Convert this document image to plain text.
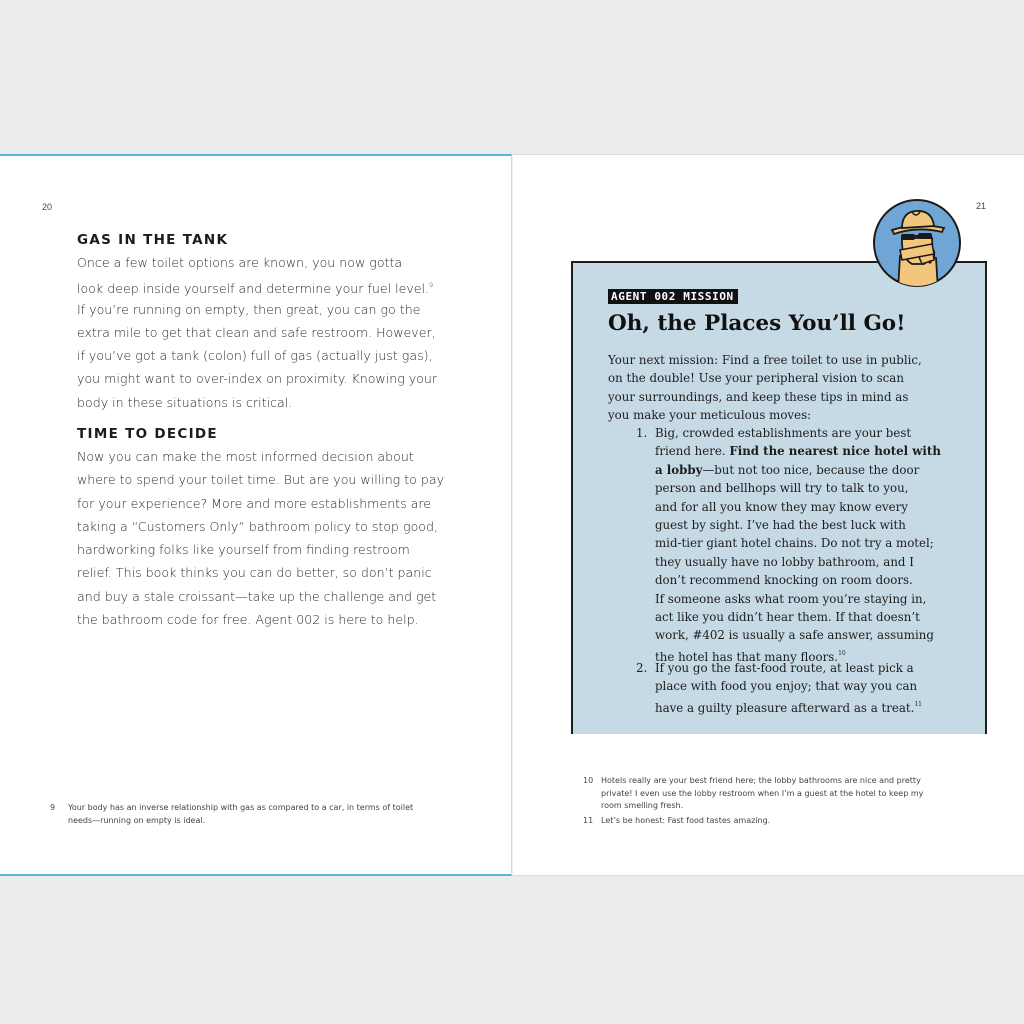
20
GAS IN THE TANK
Once a few toilet options are known, you now gotta
look deep inside yourself and determine your fuel level.$^9$
If you’re running on empty, then great, you can go the
extra mile to get that clean and safe restroom. However,
if you’ve got a tank (colon) full of gas (actually just gas),
you might want to over-index on proximity. Knowing your
body in these situations is critical.
TIME TO DECIDE
Now you can make the most informed decision about
where to spend your toilet time. But are you willing to pay
for your experience? More and more establishments are
taking a “Customers Only” bathroom policy to stop good,
hardworking folks like yourself from finding restroom
relief. This book thinks you can do better, so don’t panic
and buy a stale croissant—take up the challenge and get
the bathroom code for free. Agent 002 is here to help.
9 Your body has an inverse relationship with gas as compared to a car, in terms of toilet
needs—running on empty is ideal.
21
AGENT 002 MISSION
Oh, the Places You’ll Go!
Your next mission: Find a free toilet to use in public,
on the double! Use your peripheral vision to scan
your surroundings, and keep these tips in mind as
you make your meticulous moves:
1. Big, crowded establishments are your best
friend here. Find the nearest nice hotel with
a lobby—but not too nice, because the door
person and bellhops will try to talk to you,
and for all you know they may know every
guest by sight. I’ve had the best luck with
mid-tier giant hotel chains. Do not try a motel;
they usually have no lobby bathroom, and I
don’t recommend knocking on room doors.
If someone asks what room you’re staying in,
act like you didn’t hear them. If that doesn’t
work, #402 is usually a safe answer, assuming
the hotel has that many floors.$^{10}$
2. If you go the fast-food route, at least pick a
place with food you enjoy; that way you can
have a guilty pleasure afterward as a treat.$^{11}$
10 Hotels really are your best friend here; the lobby bathrooms are nice and pretty
private! I even use the lobby restroom when I’m a guest at the hotel to keep my
room smelling fresh.
11 Let’s be honest: Fast food tastes amazing.
